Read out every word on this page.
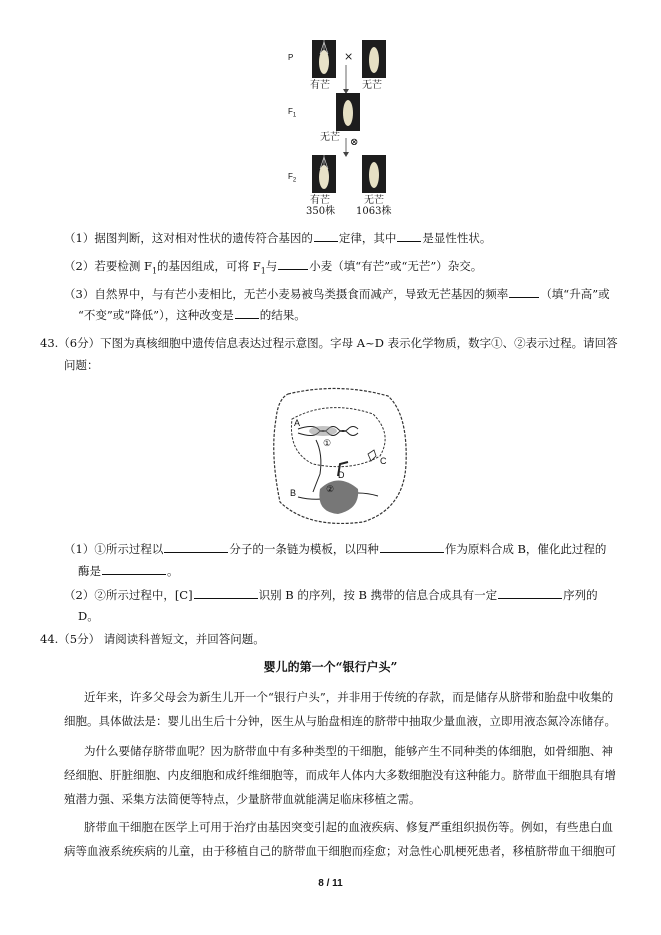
P
$F_1$
$F_2$
有芒
×
无芒
无芒 ⊗
有芒
350株
无芒
1063株
（1）据图判断，这对相对性状的遗传符合基因的 定律，其中 是显性性状。
（2）若要检测 $F_1$的基因组成，可将 $F_1$与	小麦（填“有芒”或“无芒”）杂交。
（3）自然界中，与有芒小麦相比，无芒小麦易被鸟类摄食而减产，导致无芒基因的频率	（填“升高”或
“不变”或“降低”），这种改变是 的结果。
43.（6分）下图为真核细胞中遗传信息表达过程示意图。字母 A~D 表示化学物质，数字①、②表示过程。请回答
问题：
A
①
C
D
②
B
（1）①所示过程以	分子的一条链为模板，以四种	作为原料合成 B，催化此过程的
酶是	。
（2）②所示过程中，[C]	识别 B 的序列，按 B 携带的信息合成具有一定	序列的
D。
44.（5分） 请阅读科普短文，并回答问题。
婴儿的第一个“银行户头”
近年来，许多父母会为新生儿开一个“银行户头”，并非用于传统的存款，而是储存从脐带和胎盘中收集的
细胞。具体做法是：婴儿出生后十分钟，医生从与胎盘相连的脐带中抽取少量血液，立即用液态氮冷冻储存。
为什么要储存脐带血呢？因为脐带血中有多种类型的干细胞，能够产生不同种类的体细胞，如骨细胞、神
经细胞、肝脏细胞、内皮细胞和成纤维细胞等，而成年人体内大多数细胞没有这种能力。脐带血干细胞具有增
殖潜力强、采集方法简便等特点，少量脐带血就能满足临床移植之需。
脐带血干细胞在医学上可用于治疗由基因突变引起的血液疾病、修复严重组织损伤等。例如，有些患白血
病等血液系统疾病的儿童，由于移植自己的脐带血干细胞而痊愈；对急性心肌梗死患者，移植脐带血干细胞可
8 / 11
